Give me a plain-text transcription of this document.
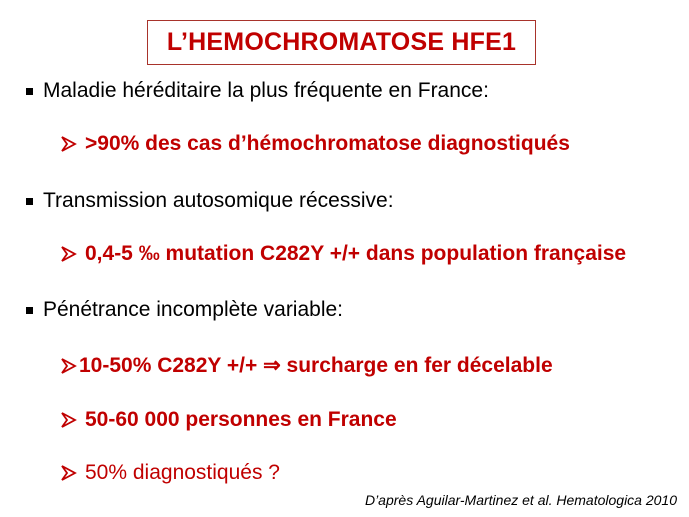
L’HEMOCHROMATOSE HFE1
Maladie héréditaire la plus fréquente en France:
>90% des cas d’hémochromatose diagnostiqués
Transmission autosomique récessive:
0,4-5 ‰ mutation C282Y +/+ dans population française
Pénétrance incomplète variable:
10-50% C282Y +/+ ⇒ surcharge en fer décelable
50-60 000 personnes en France
50% diagnostiqués ?
D’après Aguilar-Martinez et al. Hematologica 2010
